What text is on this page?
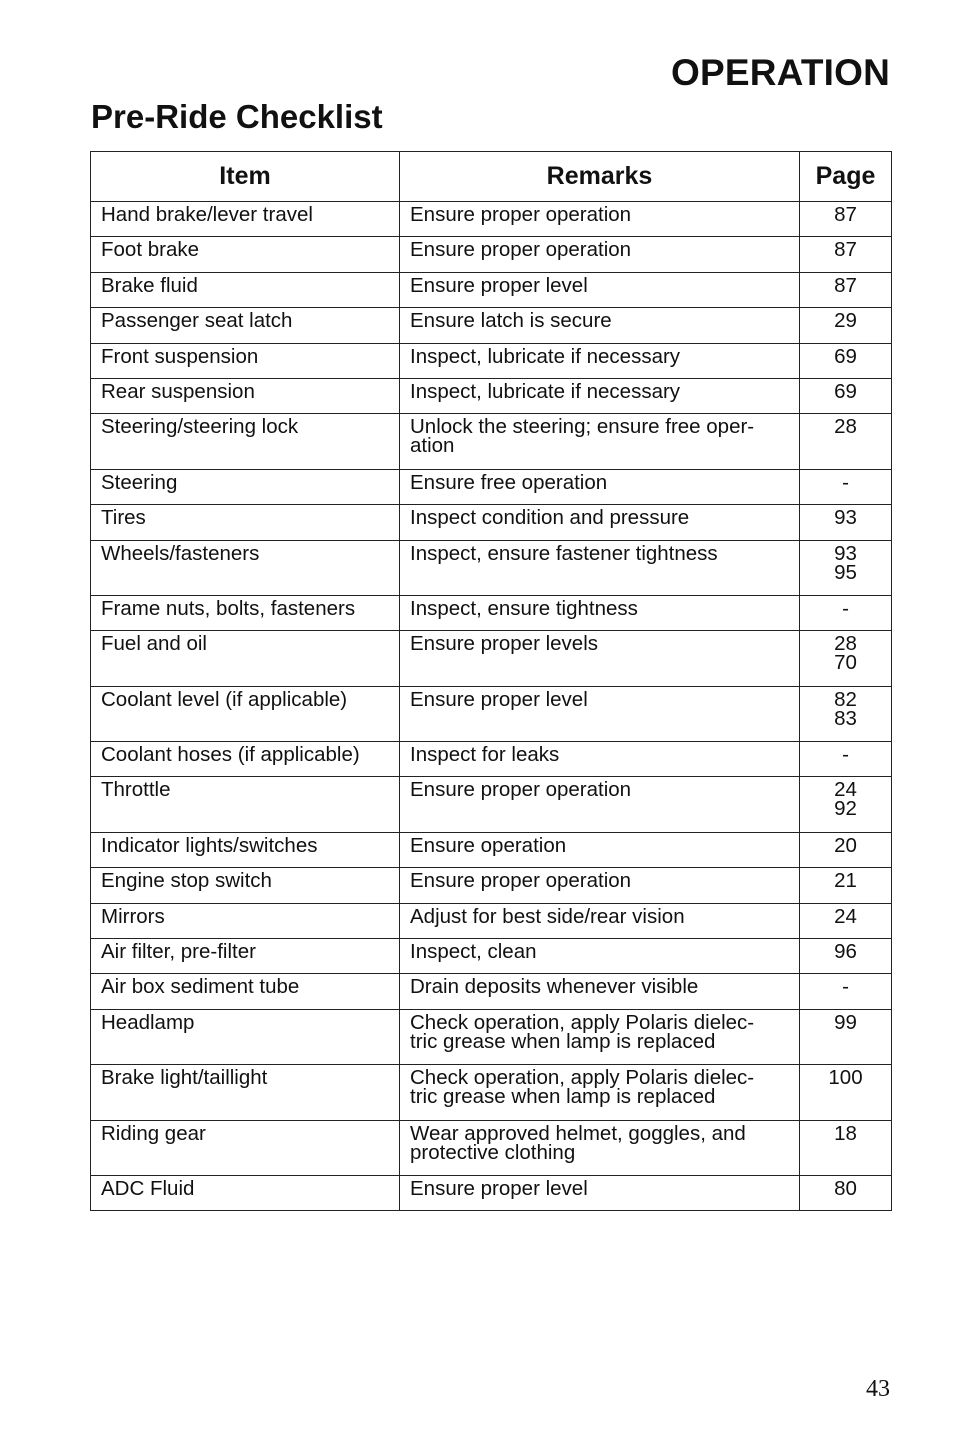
OPERATION
Pre-Ride Checklist
Item	Remarks	Page
Hand brake/lever travel	Ensure proper operation	87

Foot brake	Ensure proper operation	87

Brake fluid	Ensure proper level	87

Passenger seat latch	Ensure latch is secure	29

Front suspension	Inspect, lubricate if necessary	69

Rear suspension	Inspect, lubricate if necessary	69

Steering/steering lock	Unlock the steering; ensure free oper-
ation	28

Steering	Ensure free operation	-

Tires	Inspect condition and pressure	93

Wheels/fasteners	Inspect, ensure fastener tightness	93
95

Frame nuts, bolts, fasteners	Inspect, ensure tightness	-

Fuel and oil	Ensure proper levels	28
70

Coolant level (if applicable)	Ensure proper level	82
83

Coolant hoses (if applicable)	Inspect for leaks	-

Throttle	Ensure proper operation	24
92

Indicator lights/switches	Ensure operation	20

Engine stop switch	Ensure proper operation	21

Mirrors	Adjust for best side/rear vision	24

Air filter, pre-filter	Inspect, clean	96

Air box sediment tube	Drain deposits whenever visible	-

Headlamp	Check operation, apply Polaris dielec-
tric grease when lamp is replaced	99

Brake light/taillight	Check operation, apply Polaris dielec-
tric grease when lamp is replaced	100

Riding gear	Wear approved helmet, goggles, and
protective clothing	18

ADC Fluid	Ensure proper level	80
43
